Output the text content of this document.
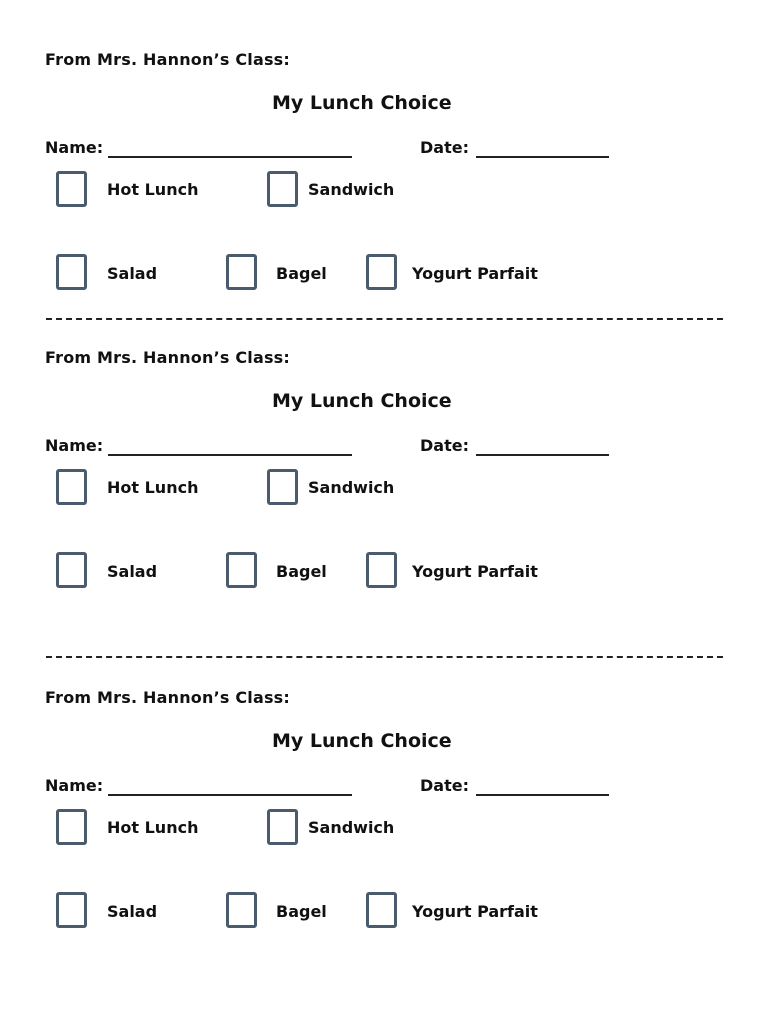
From Mrs. Hannon’s Class:
My Lunch Choice
Name:	Date:
Hot Lunch	Sandwich
Salad	Bagel	Yogurt Parfait
From Mrs. Hannon’s Class:
My Lunch Choice
Name:	Date:
Hot Lunch	Sandwich
Salad	Bagel	Yogurt Parfait
From Mrs. Hannon’s Class:
My Lunch Choice
Name:	Date:
Hot Lunch	Sandwich
Salad	Bagel	Yogurt Parfait
